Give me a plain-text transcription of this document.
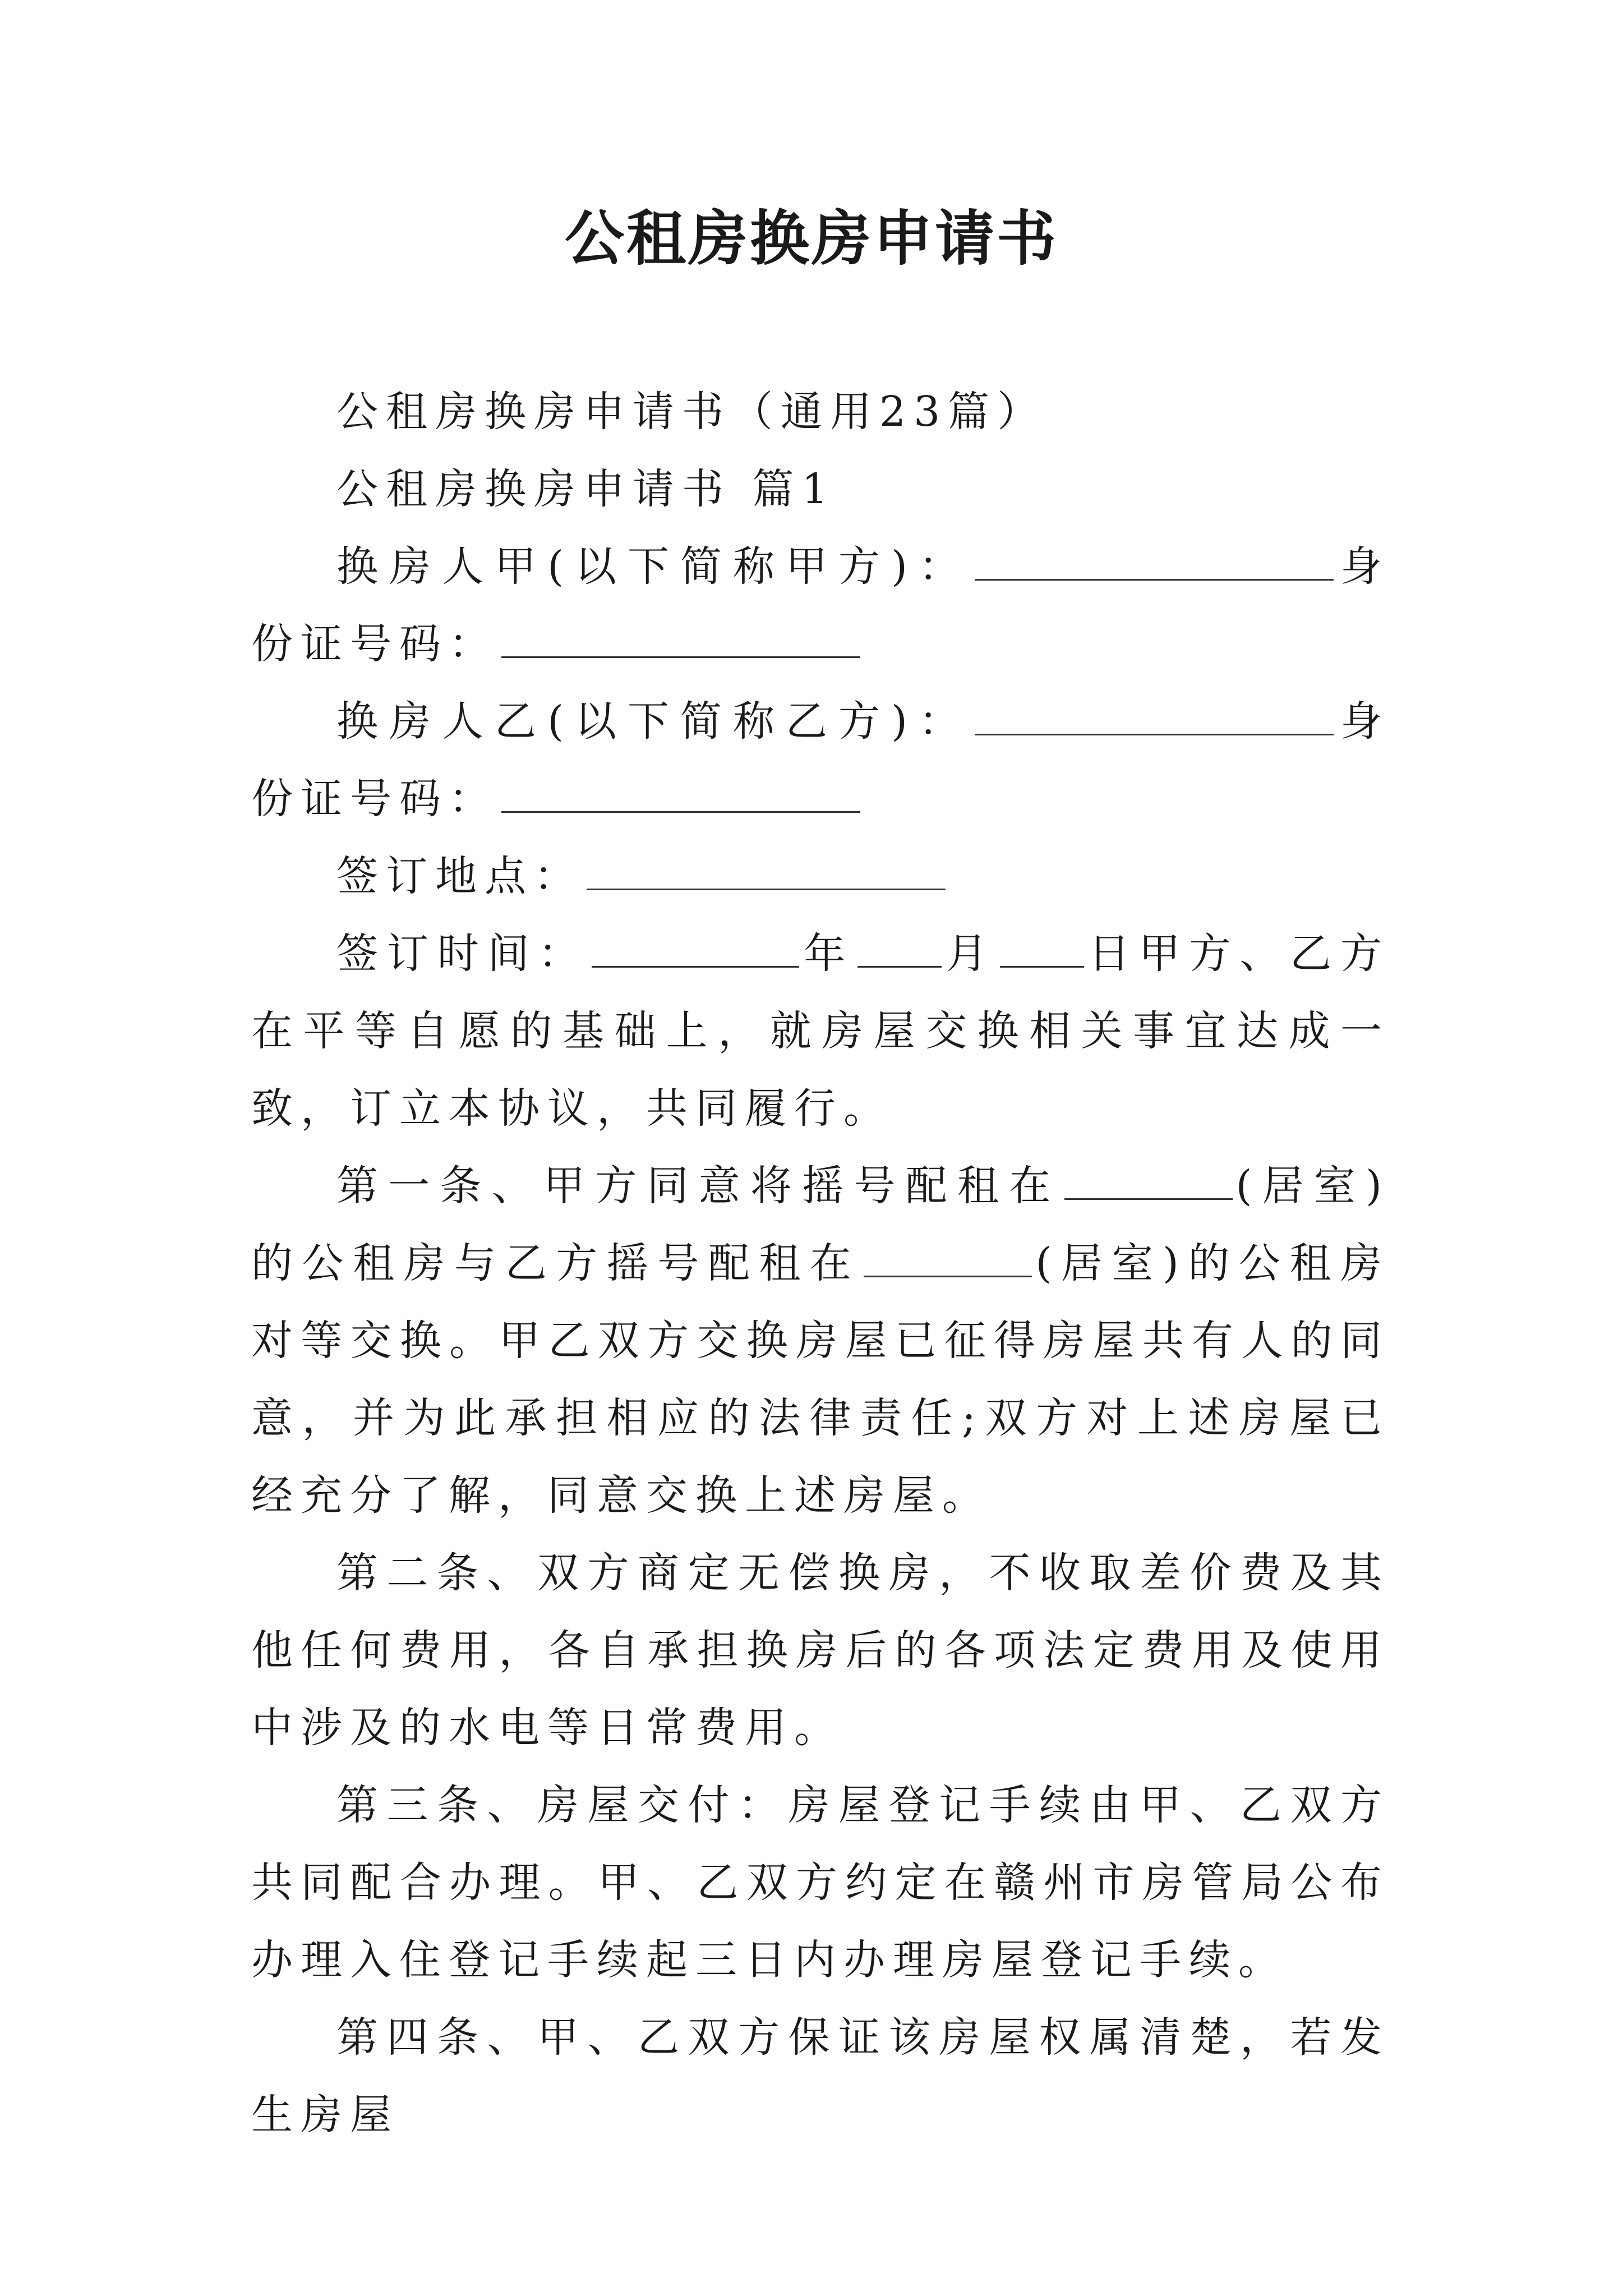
公租房换房申请书

公租房换房申请书（通用23篇）

公租房换房申请书 篇1

换房人甲(以下简称甲方)：	身份证号码：

换房人乙(以下简称乙方)：	身份证号码：

签订地点：

签订时间：	年 月 日甲方、乙方在平等自愿的基础上，就房屋交换相关事宜达成一致，订立本协议，共同履行。

第一条、甲方同意将摇号配租在	(居室)的公租房与乙方摇号配租在	(居室)的公租房对等交换。甲乙双方交换房屋已征得房屋共有人的同意，并为此承担相应的法律责任;双方对上述房屋已经充分了解，同意交换上述房屋。

第二条、双方商定无偿换房，不收取差价费及其他任何费用，各自承担换房后的各项法定费用及使用中涉及的水电等日常费用。

第三条、房屋交付：房屋登记手续由甲、乙双方共同配合办理。甲、乙双方约定在赣州市房管局公布办理入住登记手续起三日内办理房屋登记手续。

第四条、甲、乙双方保证该房屋权属清楚，若发生房屋
